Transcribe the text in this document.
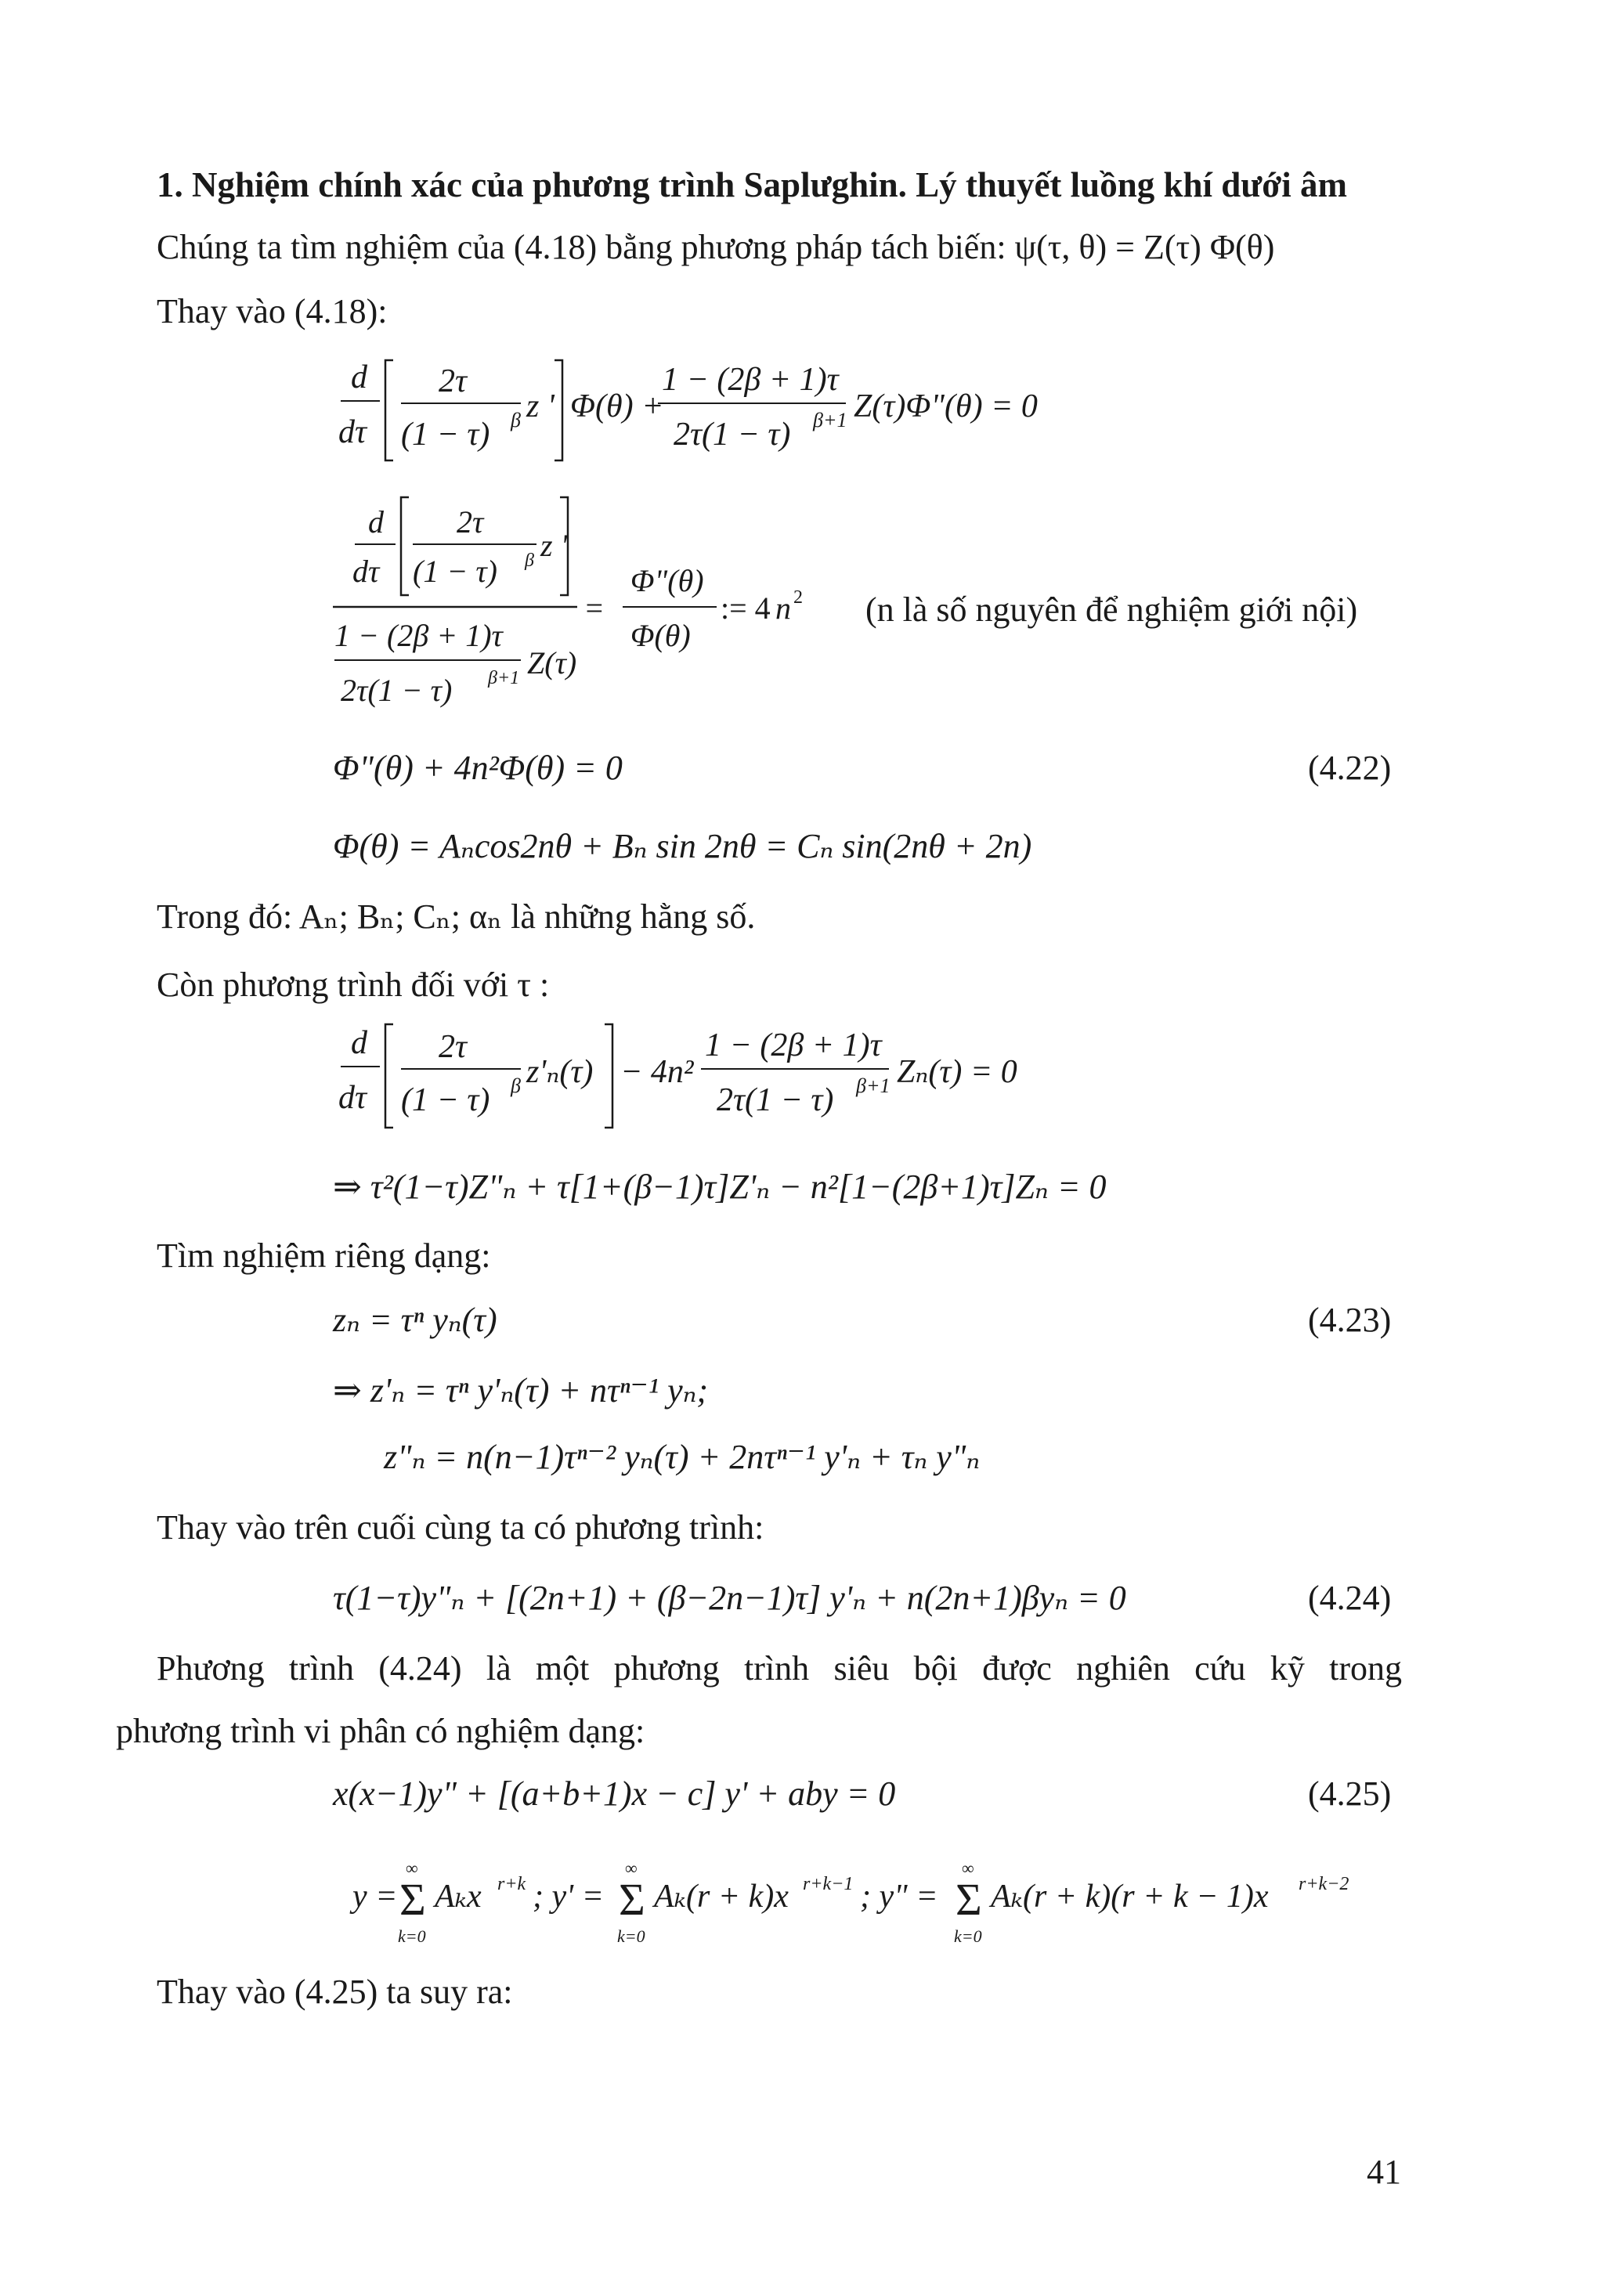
1. Nghiệm chính xác của phương trình Saplưghin. Lý thuyết luồng khí dưới âm
Chúng ta tìm nghiệm của (4.18) bằng phương pháp tách biến: ψ(τ, θ) = Z(τ) Φ(θ)
Thay vào (4.18):
d
dτ
2τ
(1 − τ) β z ' Φ(θ) +
1 − (2β + 1)τ
2τ(1 − τ) β+1 Z(τ)Φ"(θ) = 0
d
dτ
2τ
(1 − τ) β z '
1 − (2β + 1)τ
2τ(1 − τ) β+1 Z(τ)
=
Φ"(θ)
Φ(θ)
:= 4 n 2 (n là số nguyên để nghiệm giới nội)
Φ"(θ) + 4n²Φ(θ) = 0	(4.22)
Φ(θ) = Aₙcos2nθ + Bₙ sin 2nθ = Cₙ sin(2nθ + 2n)
Trong đó: Aₙ; Bₙ; Cₙ; αₙ là những hằng số.
Còn phương trình đối với τ :
d
dτ
2τ
(1 − τ) β z'ₙ(τ) − 4n²
1 − (2β + 1)τ
2τ(1 − τ) β+1 Zₙ(τ) = 0
⇒ τ²(1−τ)Z"ₙ + τ[1+(β−1)τ]Z'ₙ − n²[1−(2β+1)τ]Zₙ = 0
Tìm nghiệm riêng dạng:
zₙ = τⁿ yₙ(τ)	(4.23)
⇒ z'ₙ = τⁿ y'ₙ(τ) + nτⁿ⁻¹ yₙ;
z"ₙ = n(n−1)τⁿ⁻² yₙ(τ) + 2nτⁿ⁻¹ y'ₙ + τₙ y"ₙ
Thay vào trên cuối cùng ta có phương trình:
τ(1−τ)y"ₙ + [(2n+1) + (β−2n−1)τ] y'ₙ + n(2n+1)βyₙ = 0	(4.24)
Phương trình (4.24) là một phương trình siêu bội được nghiên cứu kỹ trong
phương trình vi phân có nghiệm dạng:
x(x−1)y" + [(a+b+1)x − c] y' + aby = 0	(4.25)
y =
∞
Σ
k=0
Aₖx r+k ; y' =
∞
Σ
k=0
Aₖ(r + k)x r+k−1 ; y" =
∞
Σ
k=0
Aₖ(r + k)(r + k − 1)x r+k−2
Thay vào (4.25) ta suy ra:
41
